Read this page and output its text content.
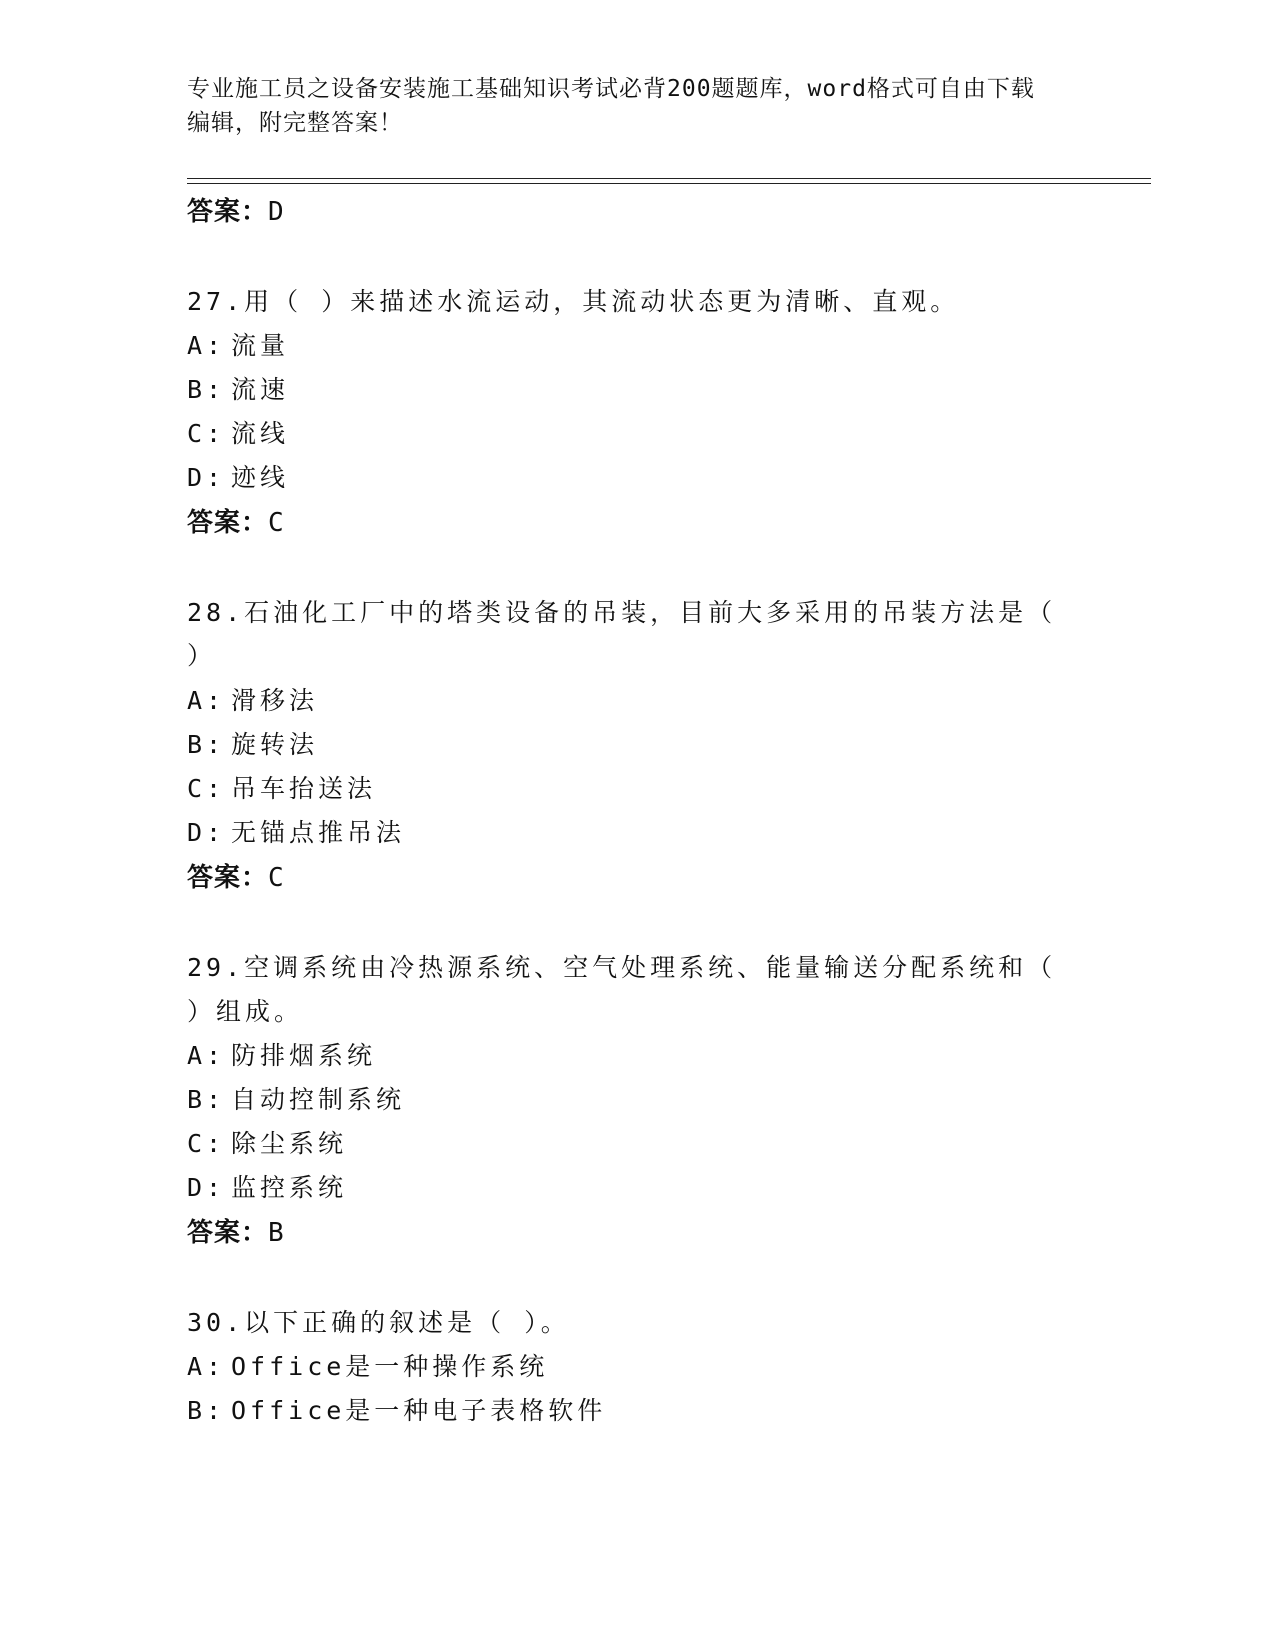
专业施工员之设备安装施工基础知识考试必背200题题库，word格式可自由下载
编辑，附完整答案！
答案：D
27.用（ ）来描述水流运动，其流动状态更为清晰、直观。
A: 流量
B: 流速
C: 流线
D: 迹线
答案：C
28.石油化工厂中的塔类设备的吊装，目前大多采用的吊装方法是（
）
A: 滑移法
B: 旋转法
C: 吊车抬送法
D: 无锚点推吊法
答案：C
29.空调系统由冷热源系统、空气处理系统、能量输送分配系统和（
）组成。
A: 防排烟系统
B: 自动控制系统
C: 除尘系统
D: 监控系统
答案：B
30.以下正确的叙述是（ ）。
A: Office是一种操作系统
B: Office是一种电子表格软件
